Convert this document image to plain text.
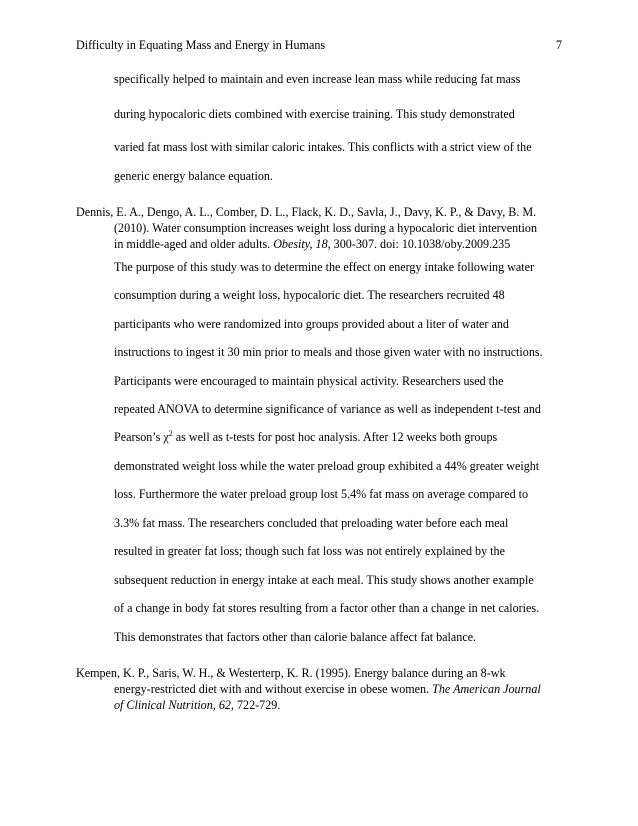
Difficulty in Equating Mass and Energy in Humans	7
specifically helped to maintain and even increase lean mass while reducing fat mass
during hypocaloric diets combined with exercise training. This study demonstrated
varied fat mass lost with similar caloric intakes. This conflicts with a strict view of the
generic energy balance equation.
Dennis, E. A., Dengo, A. L., Comber, D. L., Flack, K. D., Savla, J., Davy, K. P., & Davy, B. M.
(2010). Water consumption increases weight loss during a hypocaloric diet intervention
in middle-aged and older adults. Obesity, 18, 300-307. doi: 10.1038/oby.2009.235
The purpose of this study was to determine the effect on energy intake following water
consumption during a weight loss, hypocaloric diet. The researchers recruited 48
participants who were randomized into groups provided about a liter of water and
instructions to ingest it 30 min prior to meals and those given water with no instructions.
Participants were encouraged to maintain physical activity. Researchers used the
repeated ANOVA to determine significance of variance as well as independent t-test and
Pearson’s $\chi^2$ as well as t-tests for post hoc analysis. After 12 weeks both groups
demonstrated weight loss while the water preload group exhibited a 44% greater weight
loss. Furthermore the water preload group lost 5.4% fat mass on average compared to
3.3% fat mass. The researchers concluded that preloading water before each meal
resulted in greater fat loss; though such fat loss was not entirely explained by the
subsequent reduction in energy intake at each meal. This study shows another example
of a change in body fat stores resulting from a factor other than a change in net calories.
This demonstrates that factors other than calorie balance affect fat balance.
Kempen, K. P., Saris, W. H., & Westerterp, K. R. (1995). Energy balance during an 8-wk
energy-restricted diet with and without exercise in obese women. The American Journal
of Clinical Nutrition, 62, 722-729.
